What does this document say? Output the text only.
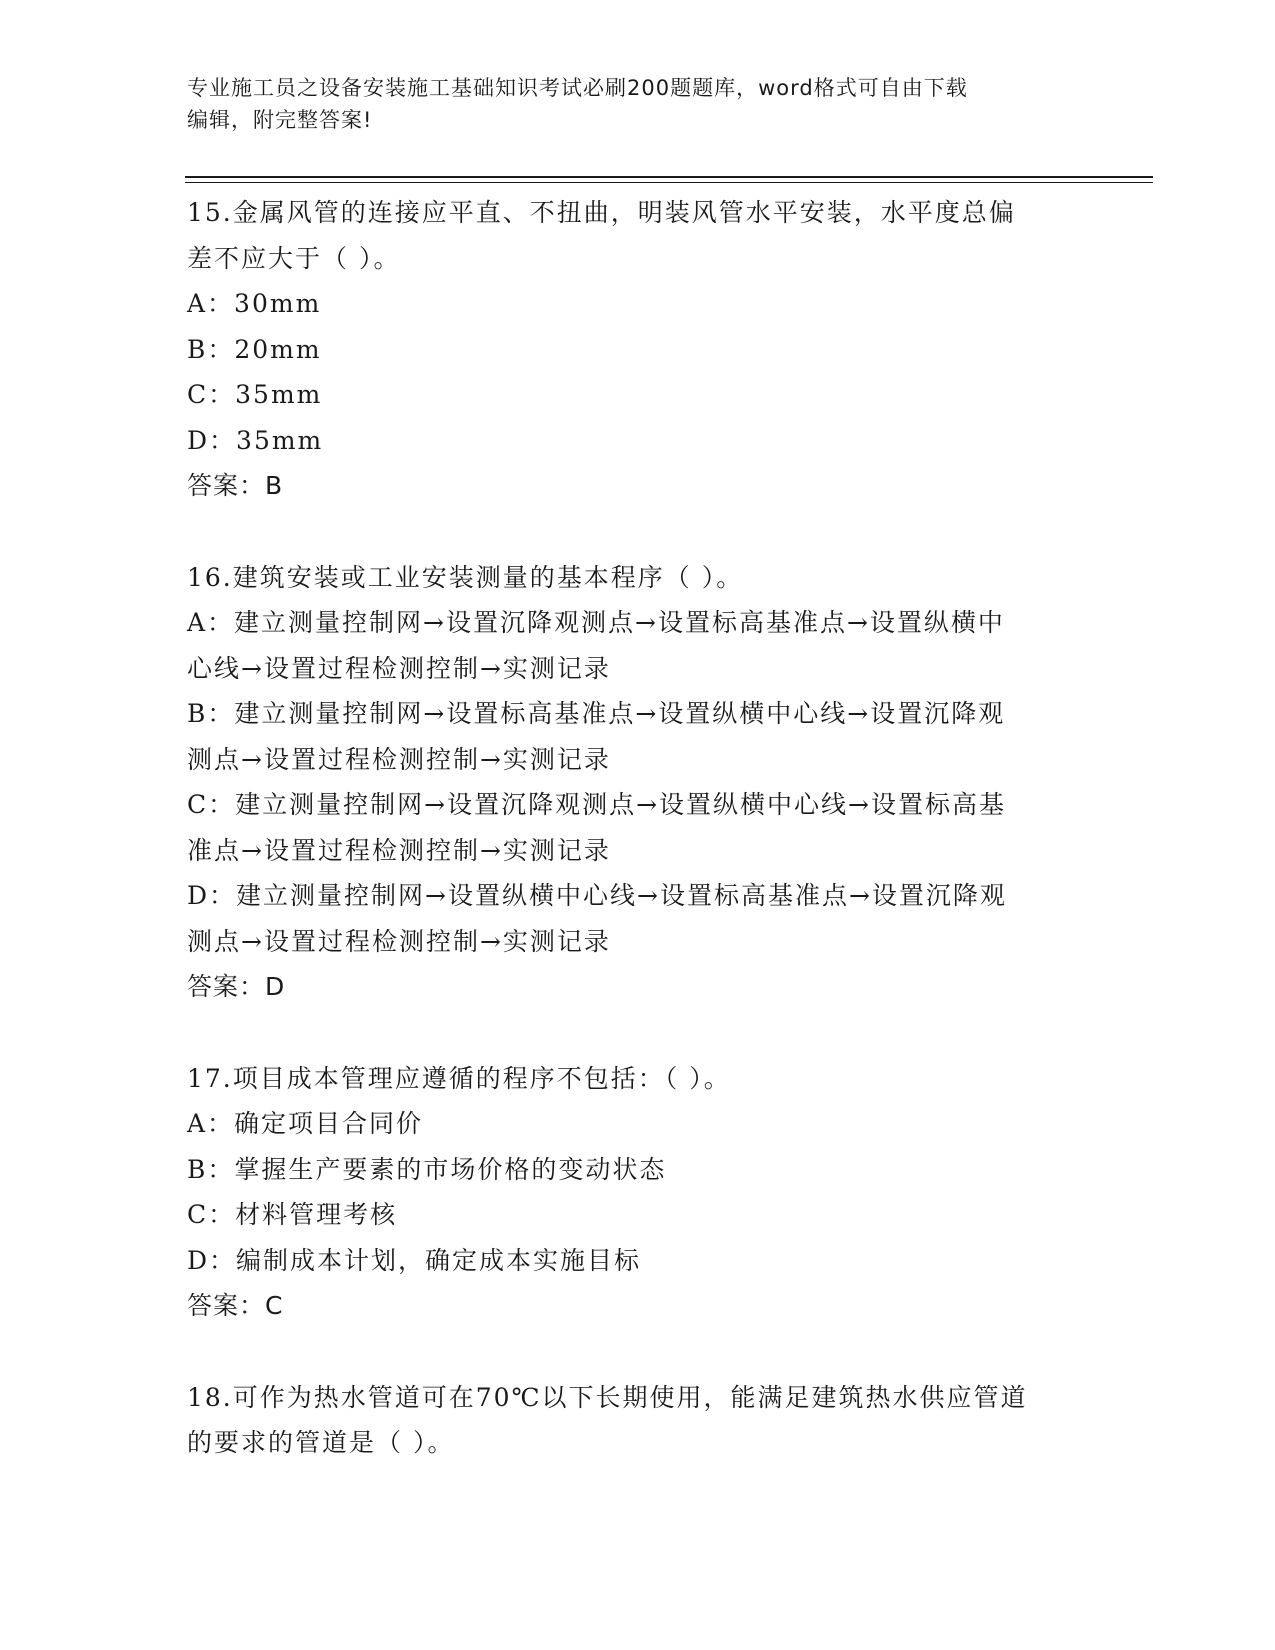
专业施工员之设备安装施工基础知识考试必刷200题题库，word格式可自由下载
编辑，附完整答案!
15.金属风管的连接应平直、不扭曲，明装风管水平安装，水平度总偏
差不应大于（ ）。
A：30mm
B：20mm
C：35mm
D：35mm
答案：B
16.建筑安装或工业安装测量的基本程序（ ）。
A：建立测量控制网→设置沉降观测点→设置标高基准点→设置纵横中
心线→设置过程检测控制→实测记录
B：建立测量控制网→设置标高基准点→设置纵横中心线→设置沉降观
测点→设置过程检测控制→实测记录
C：建立测量控制网→设置沉降观测点→设置纵横中心线→设置标高基
准点→设置过程检测控制→实测记录
D：建立测量控制网→设置纵横中心线→设置标高基准点→设置沉降观
测点→设置过程检测控制→实测记录
答案：D
17.项目成本管理应遵循的程序不包括：（ ）。
A：确定项目合同价
B：掌握生产要素的市场价格的变动状态
C：材料管理考核
D：编制成本计划，确定成本实施目标
答案：C
18.可作为热水管道可在70℃以下长期使用，能满足建筑热水供应管道
的要求的管道是（ ）。
